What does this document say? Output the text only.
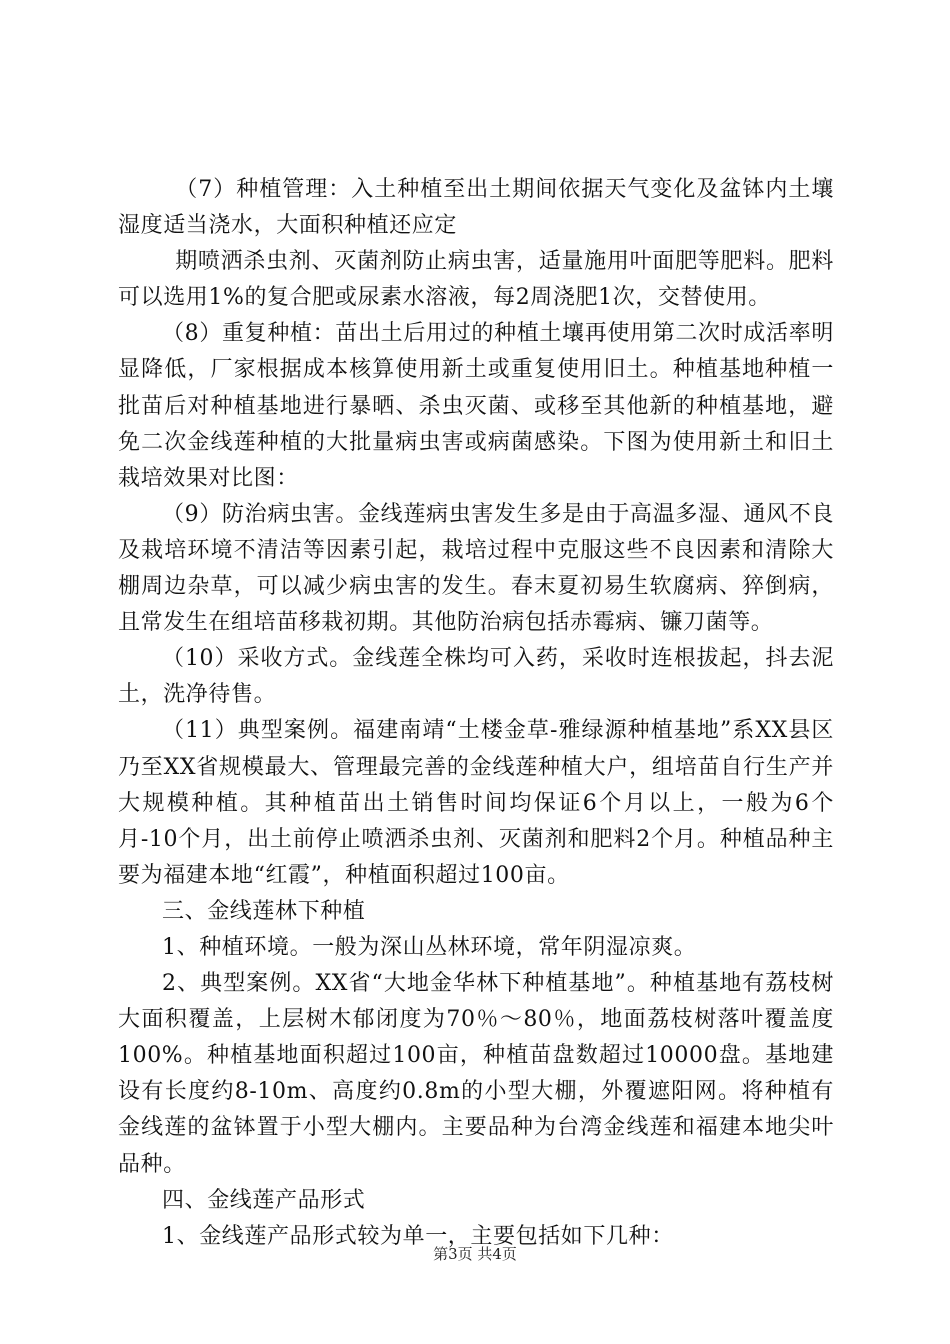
（7）种植管理：入土种植至出土期间依据天气变化及盆钵内土壤湿度适当浇水，大面积种植还应定

期喷洒杀虫剂、灭菌剂防止病虫害，适量施用叶面肥等肥料。肥料可以选用1%的复合肥或尿素水溶液，每2周浇肥1次，交替使用。

（8）重复种植：苗出土后用过的种植土壤再使用第二次时成活率明显降低，厂家根据成本核算使用新土或重复使用旧土。种植基地种植一批苗后对种植基地进行暴晒、杀虫灭菌、或移至其他新的种植基地，避免二次金线莲种植的大批量病虫害或病菌感染。下图为使用新土和旧土栽培效果对比图：

（9）防治病虫害。金线莲病虫害发生多是由于高温多湿、通风不良及栽培环境不清洁等因素引起，栽培过程中克服这些不良因素和清除大棚周边杂草，可以减少病虫害的发生。春末夏初易生软腐病、猝倒病，且常发生在组培苗移栽初期。其他防治病包括赤霉病、镰刀菌等。

（10）采收方式。金线莲全株均可入药，采收时连根拔起，抖去泥土，洗净待售。

（11）典型案例。福建南靖“土楼金草-雅绿源种植基地”系XX县区乃至XX省规模最大、管理最完善的金线莲种植大户，组培苗自行生产并大规模种植。其种植苗出土销售时间均保证6个月以上，一般为6个月-10个月，出土前停止喷洒杀虫剂、灭菌剂和肥料2个月。种植品种主要为福建本地“红霞”，种植面积超过100亩。

三、金线莲林下种植

1、种植环境。一般为深山丛林环境，常年阴湿凉爽。

2、典型案例。XX省“大地金华林下种植基地”。种植基地有荔枝树大面积覆盖，上层树木郁闭度为70％～80％，地面荔枝树落叶覆盖度100%。种植基地面积超过100亩，种植苗盘数超过10000盘。基地建设有长度约8-10m、高度约0.8m的小型大棚，外覆遮阳网。将种植有金线莲的盆钵置于小型大棚内。主要品种为台湾金线莲和福建本地尖叶品种。

四、金线莲产品形式

1、金线莲产品形式较为单一，主要包括如下几种：

第3页 共4页
